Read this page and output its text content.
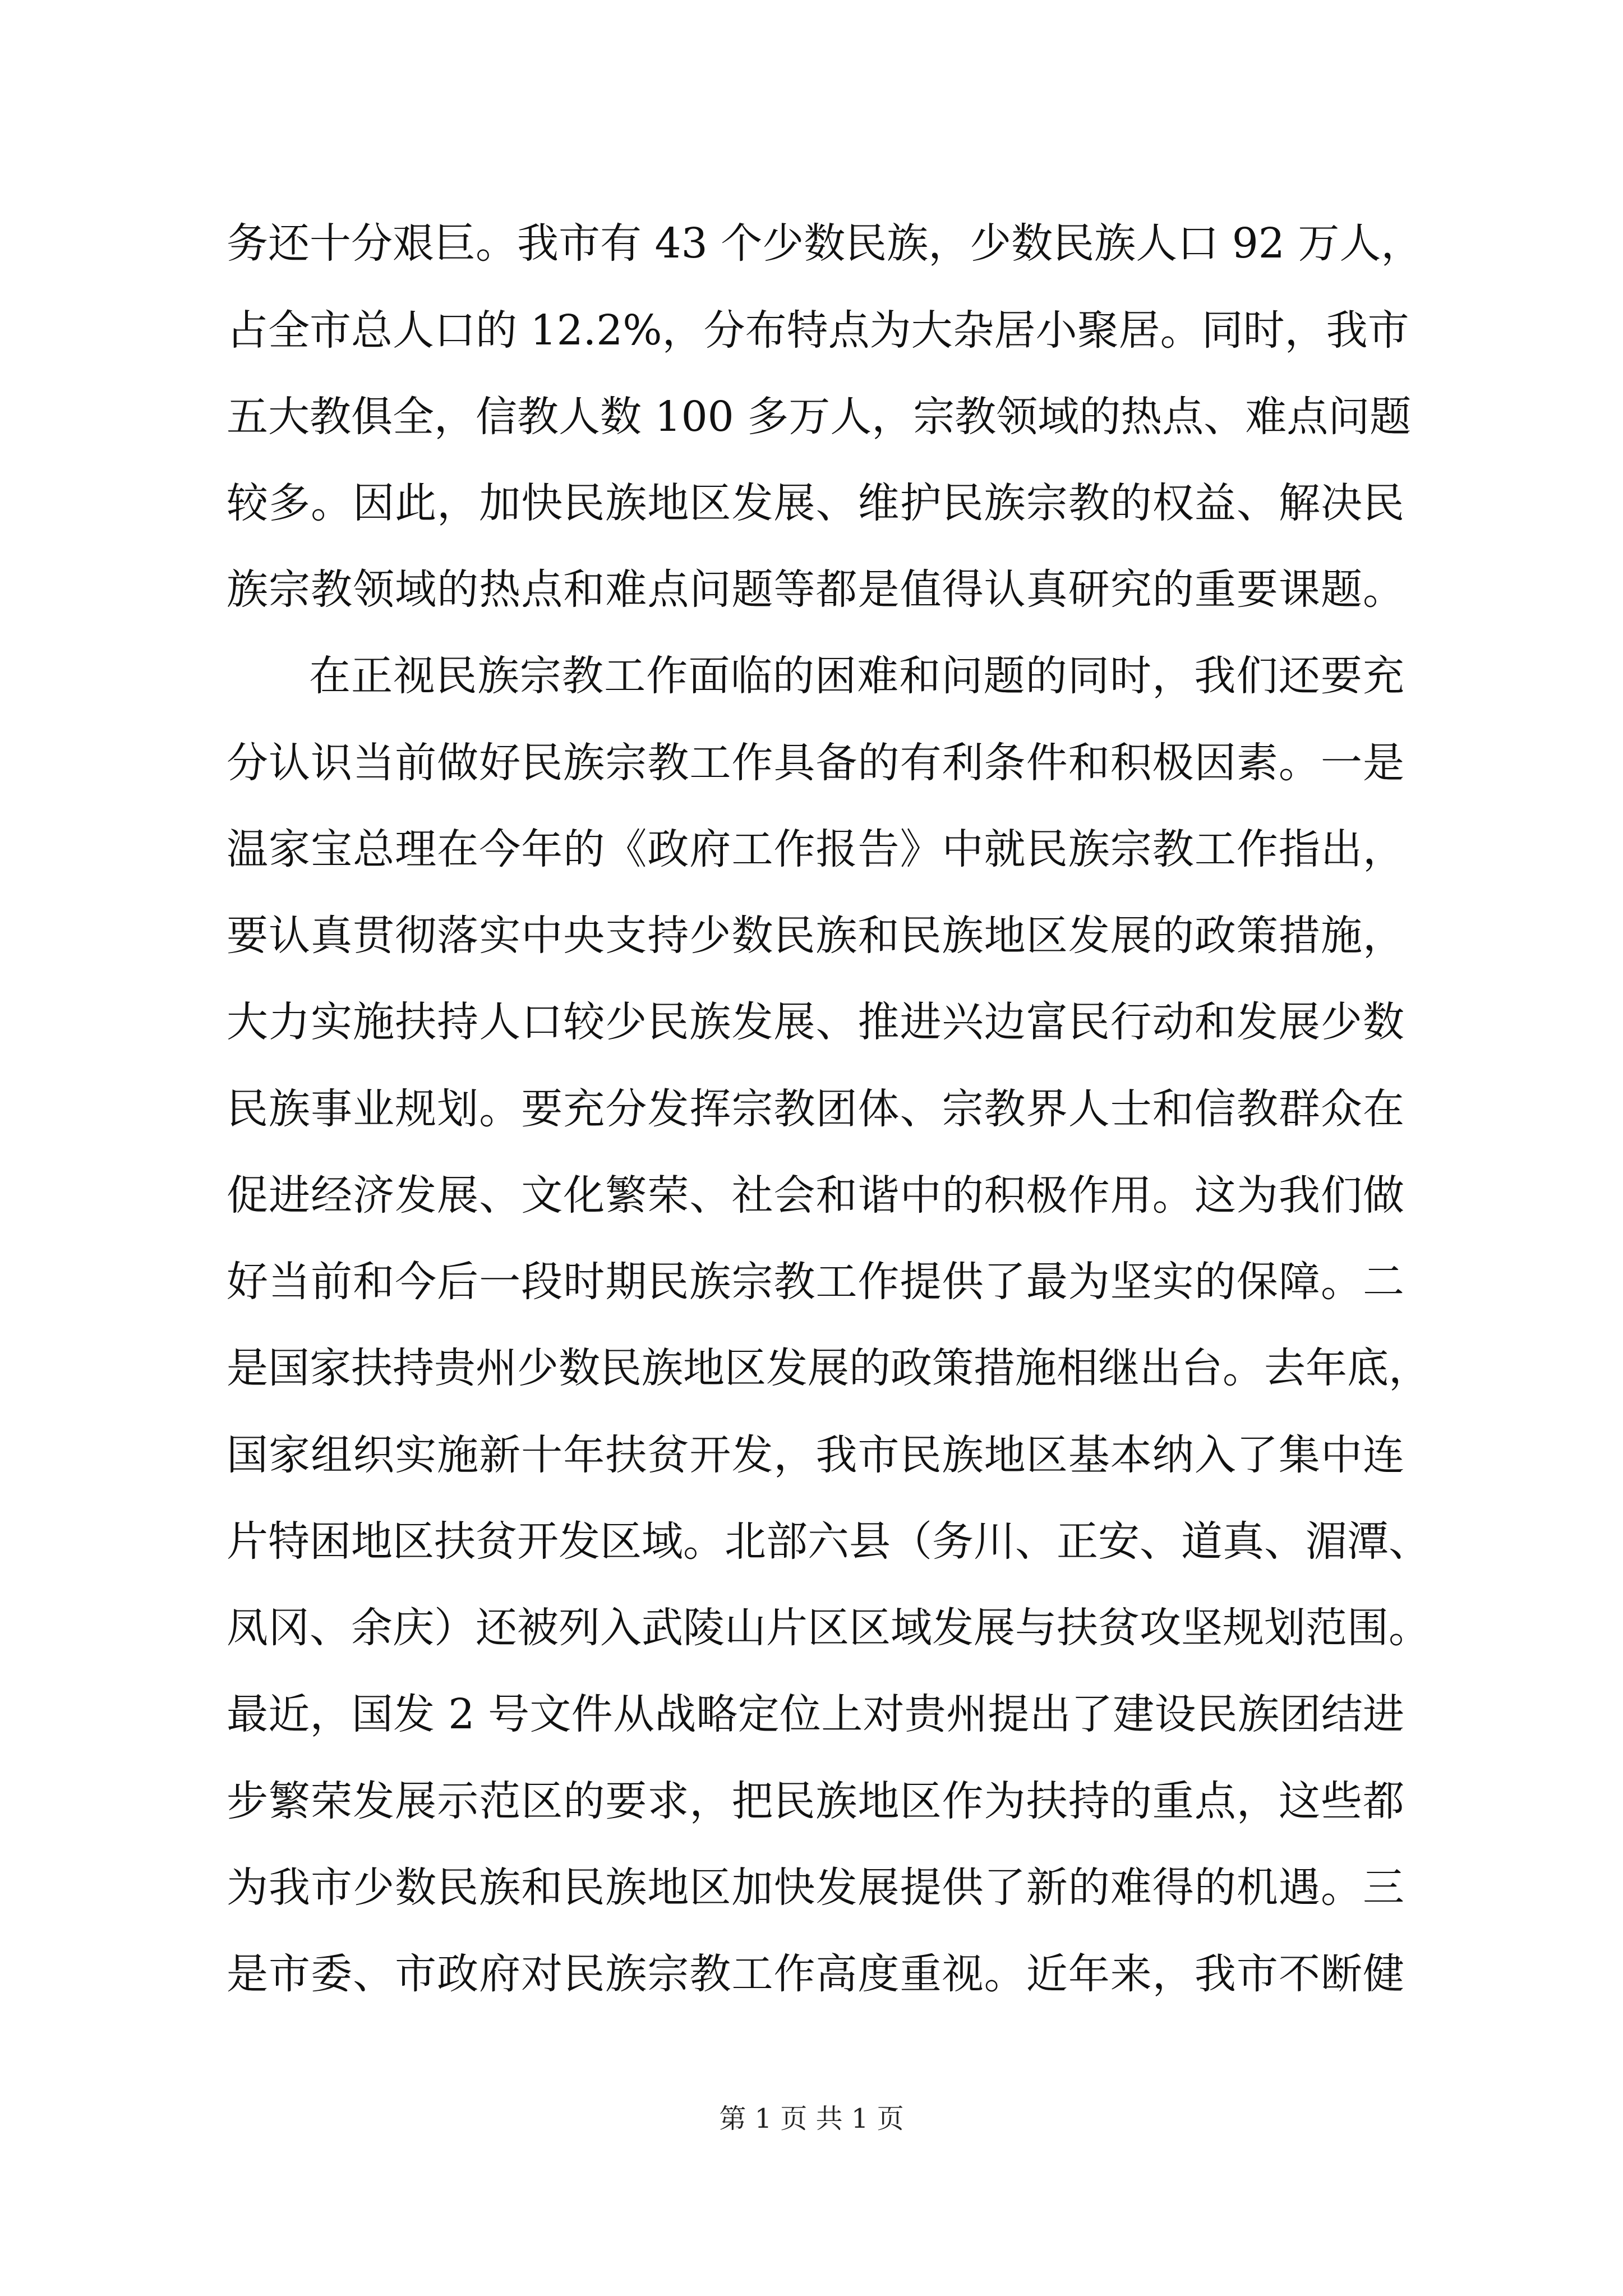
务还十分艰巨。我市有 43 个少数民族，少数民族人口 92 万人，
占全市总人口的 12.2%，分布特点为大杂居小聚居。同时，我市
五大教俱全，信教人数 100 多万人，宗教领域的热点、难点问题
较多。因此，加快民族地区发展、维护民族宗教的权益、解决民
族宗教领域的热点和难点问题等都是值得认真研究的重要课题。
在正视民族宗教工作面临的困难和问题的同时，我们还要充
分认识当前做好民族宗教工作具备的有利条件和积极因素。一是
温家宝总理在今年的《政府工作报告》中就民族宗教工作指出，
要认真贯彻落实中央支持少数民族和民族地区发展的政策措施，
大力实施扶持人口较少民族发展、推进兴边富民行动和发展少数
民族事业规划。要充分发挥宗教团体、宗教界人士和信教群众在
促进经济发展、文化繁荣、社会和谐中的积极作用。这为我们做
好当前和今后一段时期民族宗教工作提供了最为坚实的保障。二
是国家扶持贵州少数民族地区发展的政策措施相继出台。去年底，
国家组织实施新十年扶贫开发，我市民族地区基本纳入了集中连
片特困地区扶贫开发区域。北部六县（务川、正安、道真、湄潭、
凤冈、余庆）还被列入武陵山片区区域发展与扶贫攻坚规划范围。
最近，国发 2 号文件从战略定位上对贵州提出了建设民族团结进
步繁荣发展示范区的要求，把民族地区作为扶持的重点，这些都
为我市少数民族和民族地区加快发展提供了新的难得的机遇。三
是市委、市政府对民族宗教工作高度重视。近年来，我市不断健
第 1 页 共 1 页
